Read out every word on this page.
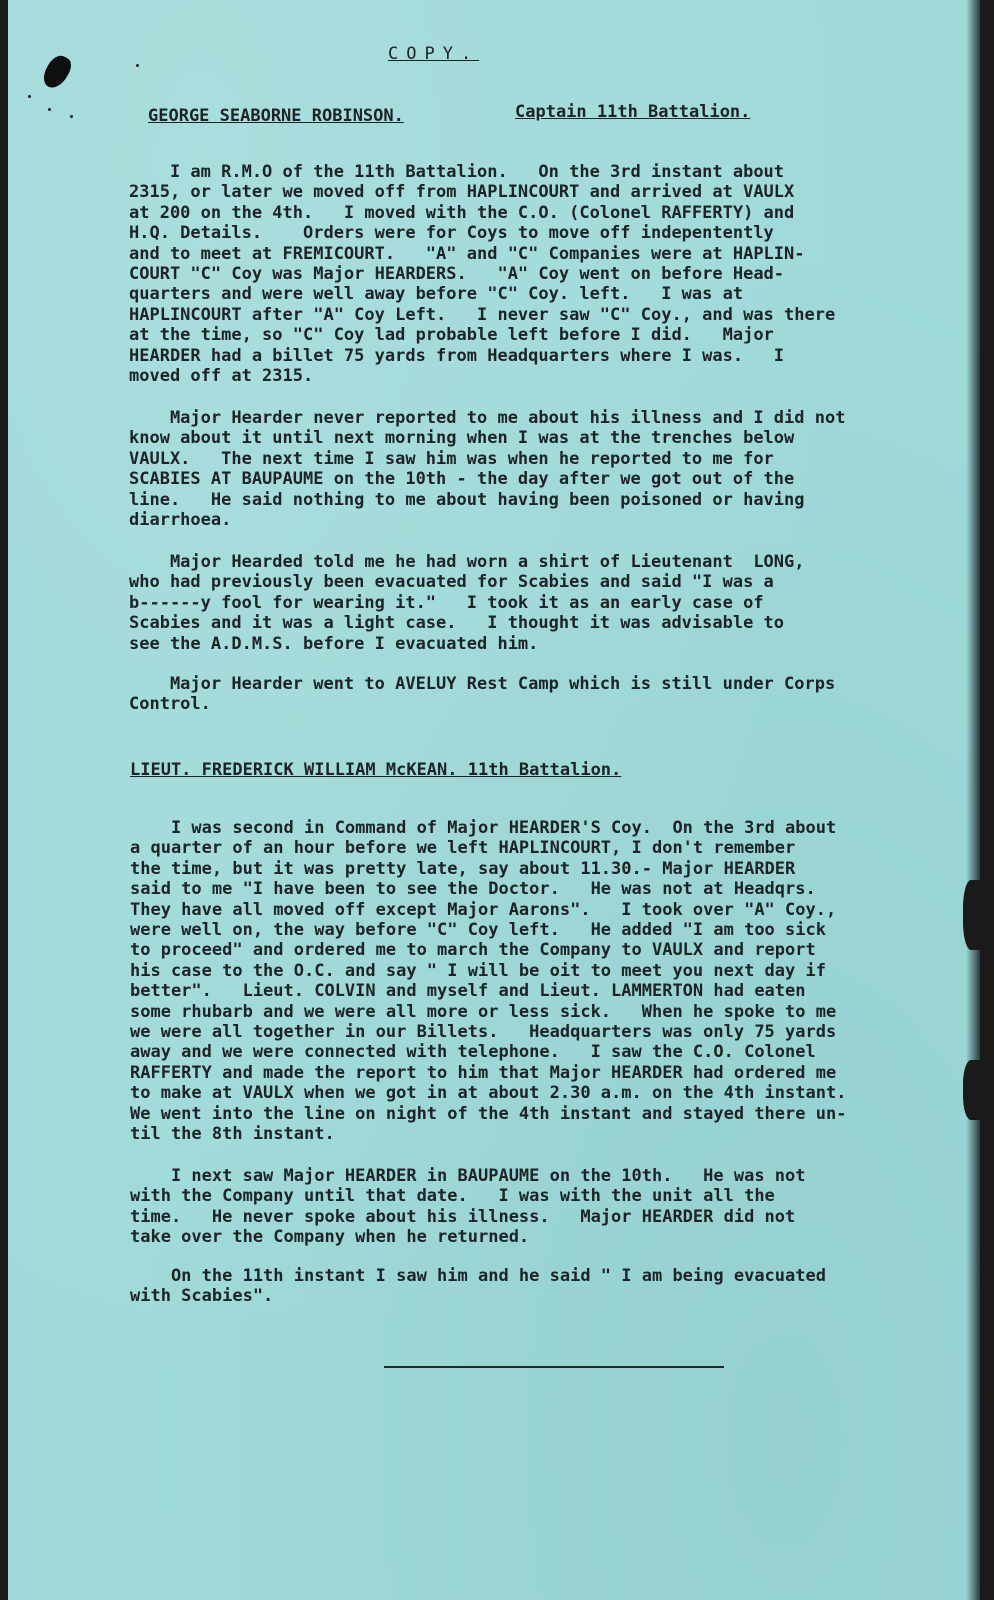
COPY.
GEORGE SEABORNE ROBINSON.	Captain 11th Battalion.
I am R.M.O of the 11th Battalion.   On the 3rd instant about
2315, or later we moved off from HAPLINCOURT and arrived at VAULX
at 200 on the 4th.   I moved with the C.O. (Colonel RAFFERTY) and
H.Q. Details.    Orders were for Coys to move off indepentently
and to meet at FREMICOURT.   "A" and "C" Companies were at HAPLIN-
COURT "C" Coy was Major HEARDERS.   "A" Coy went on before Head-
quarters and were well away before "C" Coy. left.   I was at
HAPLINCOURT after "A" Coy Left.   I never saw "C" Coy., and was there
at the time, so "C" Coy lad probable left before I did.   Major
HEARDER had a billet 75 yards from Headquarters where I was.   I
moved off at 2315.
Major Hearder never reported to me about his illness and I did not
know about it until next morning when I was at the trenches below
VAULX.   The next time I saw him was when he reported to me for
SCABIES AT BAUPAUME on the 10th - the day after we got out of the
line.   He said nothing to me about having been poisoned or having
diarrhoea.
Major Hearded told me he had worn a shirt of Lieutenant  LONG,
who had previously been evacuated for Scabies and said "I was a
b------y fool for wearing it."   I took it as an early case of
Scabies and it was a light case.   I thought it was advisable to
see the A.D.M.S. before I evacuated him.
Major Hearder went to AVELUY Rest Camp which is still under Corps
Control.
LIEUT. FREDERICK WILLIAM McKEAN. 11th Battalion.
I was second in Command of Major HEARDER'S Coy.  On the 3rd about
a quarter of an hour before we left HAPLINCOURT, I don't remember
the time, but it was pretty late, say about 11.30.- Major HEARDER
said to me "I have been to see the Doctor.   He was not at Headqrs.
They have all moved off except Major Aarons".   I took over "A" Coy.,
were well on, the way before "C" Coy left.   He added "I am too sick
to proceed" and ordered me to march the Company to VAULX and report
his case to the O.C. and say " I will be oit to meet you next day if
better".   Lieut. COLVIN and myself and Lieut. LAMMERTON had eaten
some rhubarb and we were all more or less sick.   When he spoke to me
we were all together in our Billets.   Headquarters was only 75 yards
away and we were connected with telephone.   I saw the C.O. Colonel
RAFFERTY and made the report to him that Major HEARDER had ordered me
to make at VAULX when we got in at about 2.30 a.m. on the 4th instant.
We went into the line on night of the 4th instant and stayed there un-
til the 8th instant.
I next saw Major HEARDER in BAUPAUME on the 10th.   He was not
with the Company until that date.   I was with the unit all the
time.   He never spoke about his illness.   Major HEARDER did not
take over the Company when he returned.
On the 11th instant I saw him and he said " I am being evacuated
with Scabies".
